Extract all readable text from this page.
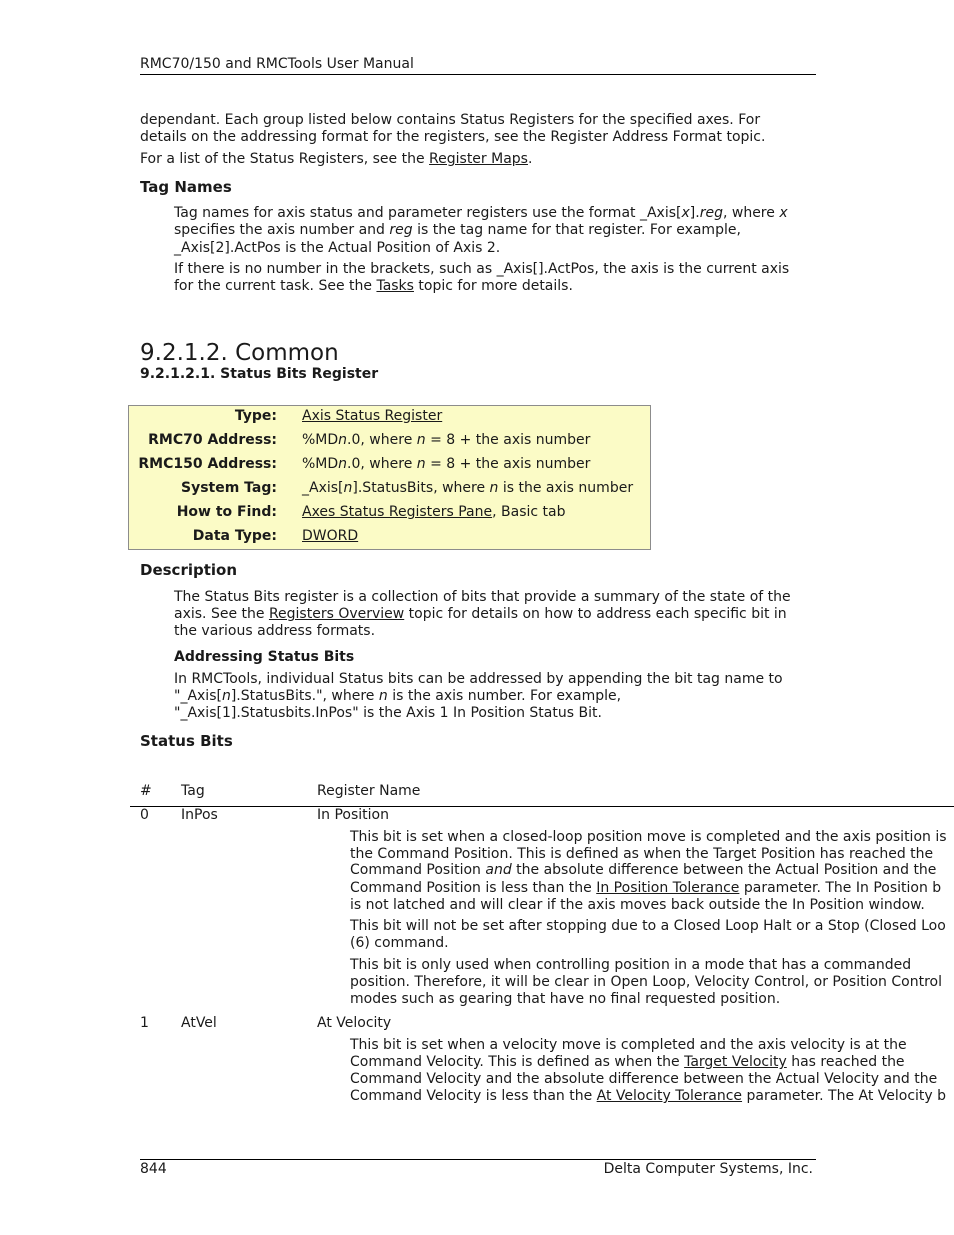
RMC70/150 and RMCTools User Manual
dependant. Each group listed below contains Status Registers for the specified axes. For
details on the addressing format for the registers, see the Register Address Format topic.
For a list of the Status Registers, see the Register Maps.
Tag Names
Tag names for axis status and parameter registers use the format _Axis[x].reg, where x
specifies the axis number and reg is the tag name for that register. For example,
_Axis[2].ActPos is the Actual Position of Axis 2.
If there is no number in the brackets, such as _Axis[].ActPos, the axis is the current axis
for the current task. See the Tasks topic for more details.
9.2.1.2. Common
9.2.1.2.1. Status Bits Register
Type: Axis Status Register
RMC70 Address: %MDn.0, where n = 8 + the axis number
RMC150 Address: %MDn.0, where n = 8 + the axis number
System Tag: _Axis[n].StatusBits, where n is the axis number
How to Find: Axes Status Registers Pane, Basic tab
Data Type: DWORD
Description
The Status Bits register is a collection of bits that provide a summary of the state of the
axis. See the Registers Overview topic for details on how to address each specific bit in
the various address formats.
Addressing Status Bits
In RMCTools, individual Status bits can be addressed by appending the bit tag name to
"_Axis[n].StatusBits.", where n is the axis number. For example,
"_Axis[1].Statusbits.InPos" is the Axis 1 In Position Status Bit.
Status Bits
# Tag	Register Name
0 InPos	In Position
This bit is set when a closed-loop position move is completed and the axis position is
the Command Position. This is defined as when the Target Position has reached the
Command Position and the absolute difference between the Actual Position and the
Command Position is less than the In Position Tolerance parameter. The In Position b
is not latched and will clear if the axis moves back outside the In Position window.
This bit will not be set after stopping due to a Closed Loop Halt or a Stop (Closed Loo
(6) command.
This bit is only used when controlling position in a mode that has a commanded
position. Therefore, it will be clear in Open Loop, Velocity Control, or Position Control
modes such as gearing that have no final requested position.
1 AtVel	At Velocity
This bit is set when a velocity move is completed and the axis velocity is at the
Command Velocity. This is defined as when the Target Velocity has reached the
Command Velocity and the absolute difference between the Actual Velocity and the
Command Velocity is less than the At Velocity Tolerance parameter. The At Velocity b
844	Delta Computer Systems, Inc.
